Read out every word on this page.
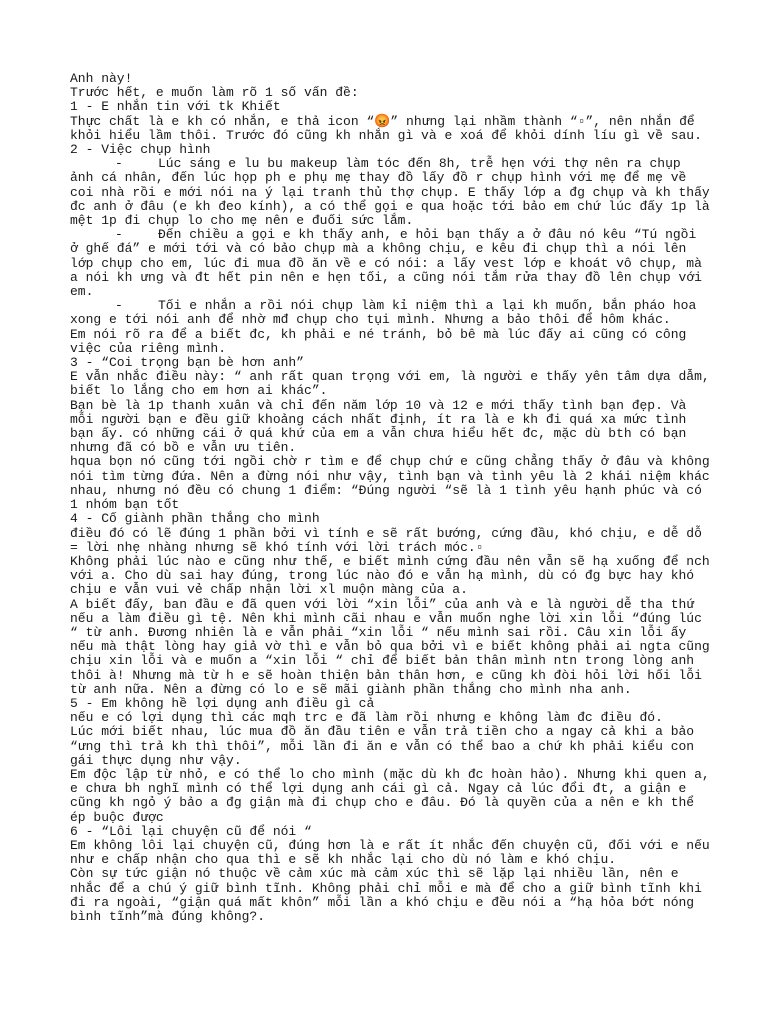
Anh này!

Trước hết, e muốn làm rõ 1 số vấn đề:

1 - E nhắn tin với tk Khiết

Thực chất là e kh có nhắn, e thả icon “😡” nhưng lại nhầm thành “▫”, nên nhắn để khỏi hiểu lầm thôi. Trước đó cũng kh nhắn gì và e xoá để khỏi dính líu gì về sau.

2 - Việc chụp hình

-	Lúc sáng e lu bu makeup làm tóc đến 8h, trễ hẹn với thợ nên ra chụp ảnh cá nhân, đến lúc họp ph e phụ mẹ thay đồ lấy đồ r chụp hình với mẹ để mẹ về coi nhà rồi e mới nói na ý lại tranh thủ thợ chụp. E thấy lớp a đg chụp và kh thấy đc anh ở đâu (e kh đeo kính), a có thể gọi e qua hoặc tới bảo em chứ lúc đấy 1p là mệt 1p đi chụp lo cho mẹ nên e đuối sức lắm.

-	Đến chiều a gọi e kh thấy anh, e hỏi bạn thấy a ở đâu nó kêu “Tú ngồi ở ghế đá” e mới tới và có bảo chụp mà a không chịu, e kêu đi chụp thì a nói lên lớp chụp cho em, lúc đi mua đồ ăn về e có nói: a lấy vest lớp e khoát vô chụp, mà a nói kh ưng và đt hết pin nên e hẹn tối, a cũng nói tắm rửa thay đồ lên chụp với em.

-	Tối e nhắn a rồi nói chụp làm kỉ niệm thì a lại kh muốn, bắn pháo hoa xong e tới nói anh để nhờ mđ chụp cho tụi mình. Nhưng a bảo thôi để hôm khác.

Em nói rõ ra để a biết đc, kh phải e né tránh, bỏ bê mà lúc đấy ai cũng có công việc của riêng mình.

3 - “Coi trọng bạn bè hơn anh”

E vẫn nhắc điều này: “ anh rất quan trọng với em, là người e thấy yên tâm dựa dẫm, biết lo lắng cho em hơn ai khác”.

Bạn bè là 1p thanh xuân và chỉ đến năm lớp 10 và 12 e mới thấy tình bạn đẹp. Và mỗi người bạn e đều giữ khoảng cách nhất định, ít ra là e kh đi quá xa mức tình bạn ấy. có những cái ở quá khứ của em a vẫn chưa hiểu hết đc, mặc dù bth có bạn nhưng đã có bồ e vẫn ưu tiên.

hqua bọn nó cũng tới ngồi chờ r tìm e để chụp chứ e cũng chẳng thấy ở đâu và không nói tìm từng đứa. Nên a đừng nói như vậy, tình bạn và tình yêu là 2 khái niệm khác nhau, nhưng nó đều có chung 1 điểm: “Đúng người “sẽ là 1 tình yêu hạnh phúc và có 1 nhóm bạn tốt

4 - Cố giành phần thắng cho mình

điều đó có lẽ đúng 1 phần bởi vì tính e sẽ rất bướng, cứng đầu, khó chịu, e dễ dỗ = lời nhẹ nhàng nhưng sẽ khó tính với lời trách móc.▫

Không phải lúc nào e cũng như thế, e biết mình cứng đầu nên vẫn sẽ hạ xuống để nch với a. Cho dù sai hay đúng, trong lúc nào đó e vẫn hạ mình, dù có đg bực hay khó chịu e vẫn vui vẻ chấp nhận lời xl muộn màng của a.

A biết đấy, ban đầu e đã quen với lời “xin lỗi” của anh và e là người dễ tha thứ nếu a làm điều gì tệ. Nên khi mình cãi nhau e vẫn muốn nghe lời xin lỗi “đúng lúc “ từ anh. Đương nhiên là e vẫn phải “xin lỗi “ nếu mình sai rồi. Câu xin lỗi ấy nếu mà thật lòng hay giả vờ thì e vẫn bỏ qua bởi vì e biết không phải ai ngta cũng chịu xin lỗi và e muốn a “xin lỗi “ chỉ để biết bản thân mình ntn trong lòng anh thôi à! Nhưng mà từ h e sẽ hoàn thiện bản thân hơn, e cũng kh đòi hỏi lời hối lỗi từ anh nữa. Nên a đừng có lo e sẽ mãi giành phần thắng cho mình nha anh.

5 - Em không hề lợi dụng anh điều gì cả

nếu e có lợi dụng thì các mqh trc e đã làm rồi nhưng e không làm đc điều đó.

Lúc mới biết nhau, lúc mua đồ ăn đầu tiên e vẫn trả tiền cho a ngay cả khi a bảo “ưng thì trả kh thì thôi”, mỗi lần đi ăn e vẫn có thể bao a chứ kh phải kiểu con gái thực dụng như vậy.

Em độc lập từ nhỏ, e có thể lo cho mình (mặc dù kh đc hoàn hảo). Nhưng khi quen a, e chưa bh nghĩ mình có thể lợi dụng anh cái gì cả. Ngay cả lúc đổi đt, a giận e cũng kh ngỏ ý bảo a đg giận mà đi chụp cho e đâu. Đó là quyền của a nên e kh thể ép buộc được

6 - “Lôi lại chuyện cũ để nói “

Em không lôi lại chuyện cũ, đúng hơn là e rất ít nhắc đến chuyện cũ, đối với e nếu như e chấp nhận cho qua thì e sẽ kh nhắc lại cho dù nó làm e khó chịu.

Còn sự tức giận nó thuộc về cảm xúc mà cảm xúc thì sẽ lặp lại nhiều lần, nên e nhắc để a chú ý giữ bình tĩnh. Không phải chỉ mỗi e mà để cho a giữ bình tĩnh khi đi ra ngoài, “giận quá mất khôn” mỗi lần a khó chịu e đều nói a “hạ hỏa bớt nóng bình tĩnh”mà đúng không?.
